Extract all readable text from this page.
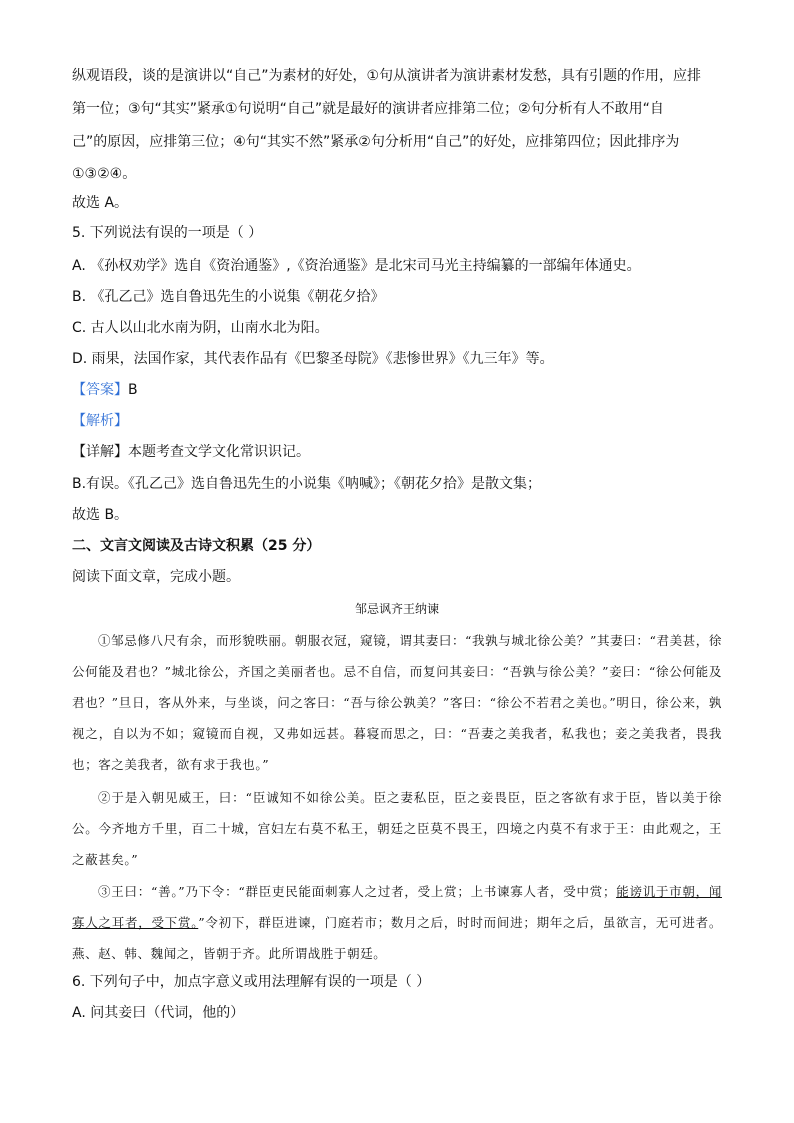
纵观语段，谈的是演讲以“自己”为素材的好处，①句从演讲者为演讲素材发愁，具有引题的作用，应排
第一位；③句“其实”紧承①句说明“自己”就是最好的演讲者应排第二位；②句分析有人不敢用“自
己”的原因，应排第三位；④句“其实不然”紧承②句分析用“自己”的好处，应排第四位；因此排序为
①③②④。
故选 A。
5. 下列说法有误的一项是（ ）
A. 《孙权劝学》选自《资治通鉴》,《资治通鉴》是北宋司马光主持编纂的一部编年体通史。
B. 《孔乙己》选自鲁迅先生的小说集《朝花夕拾》
C. 古人以山北水南为阴，山南水北为阳。
D. 雨果，法国作家，其代表作品有《巴黎圣母院》《悲惨世界》《九三年》等。
【答案】B
【解析】
【详解】本题考查文学文化常识识记。
B.有误。《孔乙己》选自鲁迅先生的小说集《呐喊》；《朝花夕拾》是散文集；
故选 B。
二、文言文阅读及古诗文积累（25 分）
阅读下面文章，完成小题。
邹忌讽齐王纳谏
①邹忌修八尺有余，而形貌昳丽。朝服衣冠，窥镜，谓其妻曰：“我孰与城北徐公美？”其妻曰：“君美甚，徐公何能及君也？”城北徐公，齐国之美丽者也。忌不自信，而复问其妾曰：“吾孰与徐公美？”妾曰：“徐公何能及君也？”旦日，客从外来，与坐谈，问之客曰：“吾与徐公孰美？”客曰：“徐公不若君之美也。”明日，徐公来，孰视之，自以为不如；窥镜而自视，又弗如远甚。暮寝而思之，曰：“吾妻之美我者，私我也；妾之美我者，畏我也；客之美我者，欲有求于我也。”
②于是入朝见威王，曰：“臣诚知不如徐公美。臣之妻私臣，臣之妾畏臣，臣之客欲有求于臣，皆以美于徐公。今齐地方千里，百二十城，宫妇左右莫不私王，朝廷之臣莫不畏王，四境之内莫不有求于王：由此观之，王之蔽甚矣。”
③王曰：“善。”乃下令：“群臣吏民能面刺寡人之过者，受上赏；上书谏寡人者，受中赏；能谤讥于市朝，闻寡人之耳者，受下赏。”令初下，群臣进谏，门庭若市；数月之后，时时而间进；期年之后，虽欲言，无可进者。燕、赵、韩、魏闻之，皆朝于齐。此所谓战胜于朝廷。
6. 下列句子中，加点字意义或用法理解有误的一项是（ ）
A. 问其妾曰（代词，他的）
